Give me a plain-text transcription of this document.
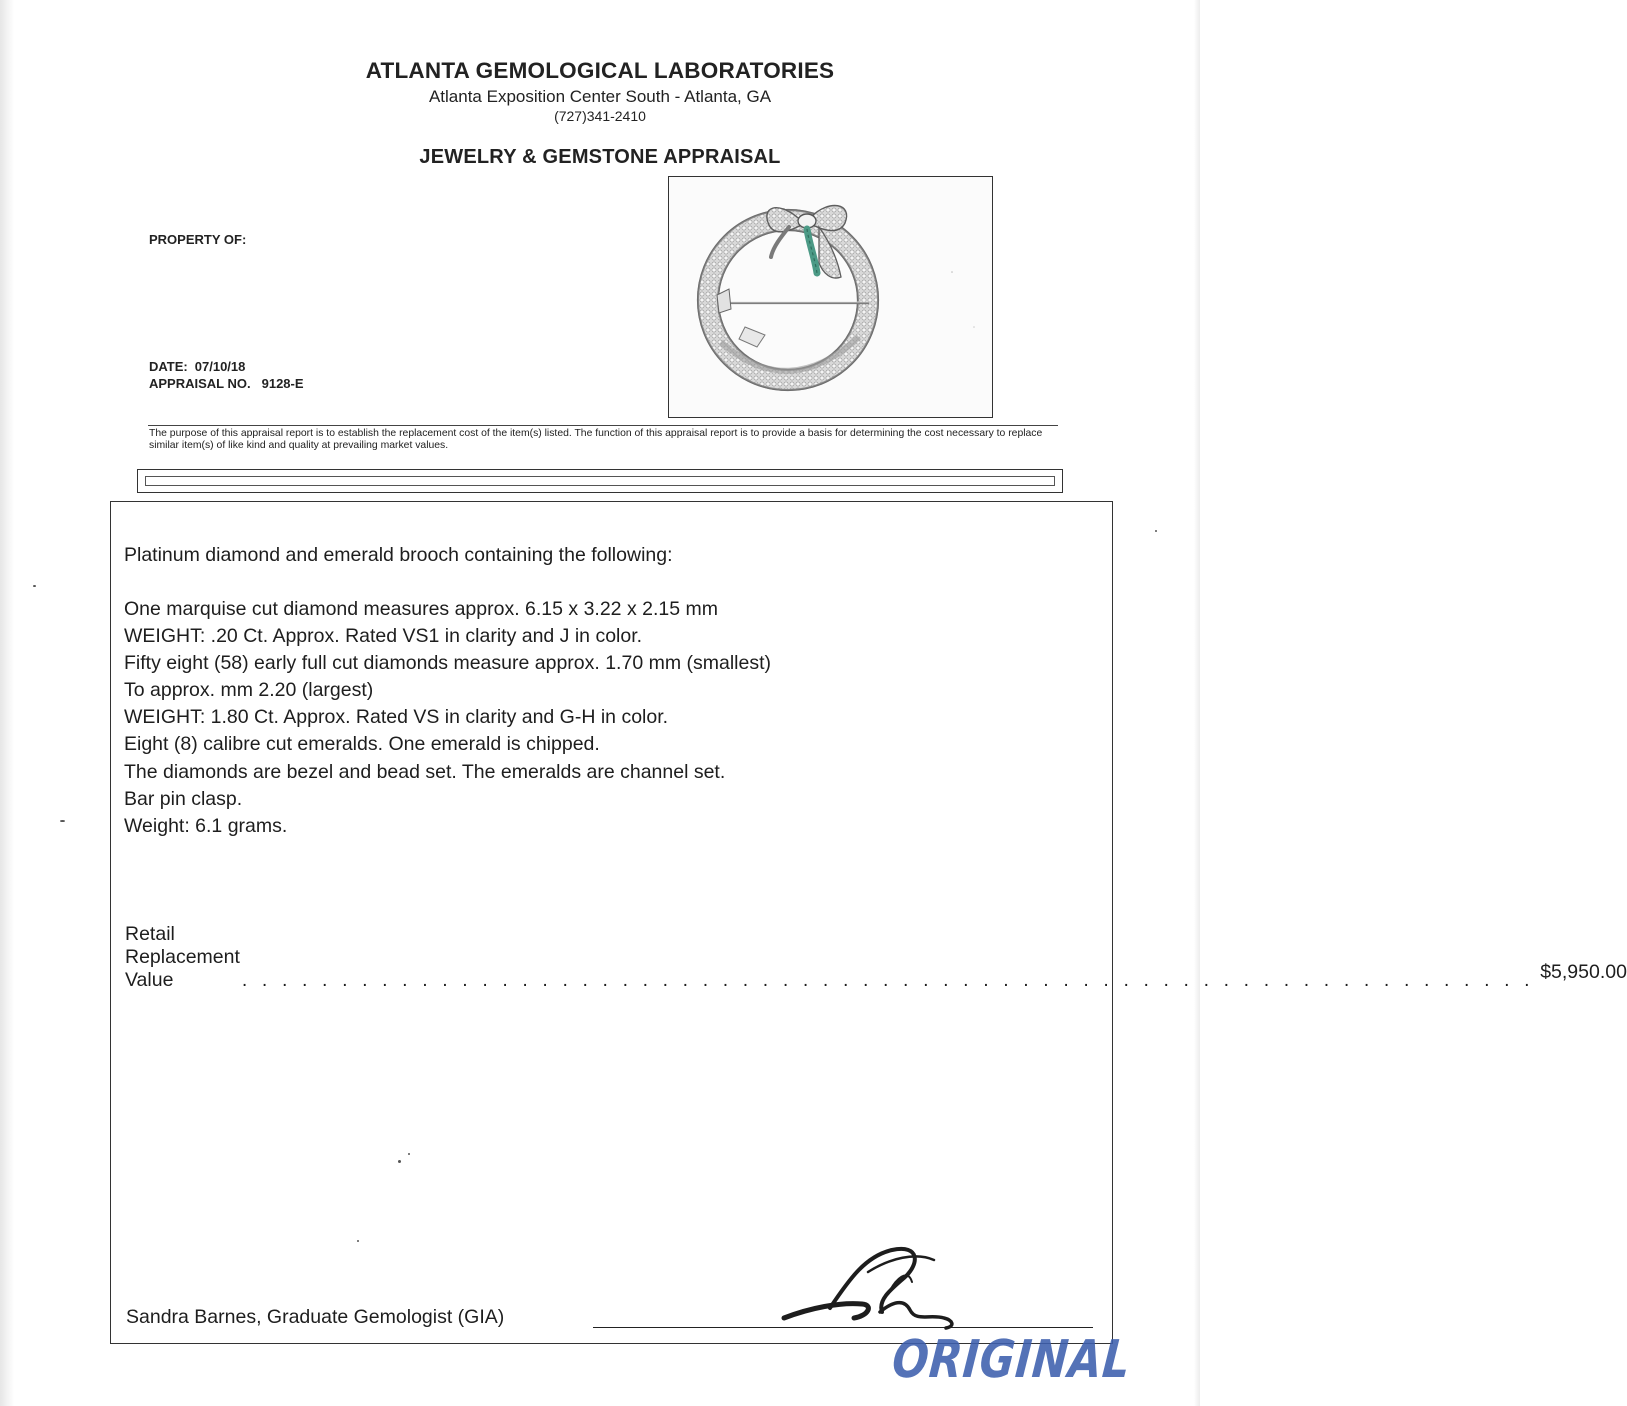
ATLANTA GEMOLOGICAL LABORATORIES
Atlanta Exposition Center South - Atlanta, GA
(727)341-2410
JEWELRY & GEMSTONE APPRAISAL
PROPERTY OF:
DATE: 07/10/18
APPRAISAL NO. 9128-E
The purpose of this appraisal report is to establish the replacement cost of the item(s) listed. The function of this appraisal report is to provide a basis for determining the cost necessary to replace similar item(s) of like kind and quality at prevailing market values.
Platinum diamond and emerald brooch containing the following:
One marquise cut diamond measures approx. 6.15 x 3.22 x 2.15 mm
WEIGHT: .20 Ct. Approx. Rated VS1 in clarity and J in color.
Fifty eight (58) early full cut diamonds measure approx. 1.70 mm (smallest)
To approx. mm 2.20 (largest)
WEIGHT: 1.80 Ct. Approx. Rated VS in clarity and G-H in color.
Eight (8) calibre cut emeralds. One emerald is chipped.
The diamonds are bezel and bead set. The emeralds are channel set.
Bar pin clasp.
Weight: 6.1 grams.
Retail Replacement Value	. . . . . . . . . . . . . . . . . . . . . . . . . . . . . . . . . . . . . . . . . . . . . . . . . . . . . . . . . . . . . . . . . $5,950.00
Sandra Barnes, Graduate Gemologist (GIA)
ORIGINAL
